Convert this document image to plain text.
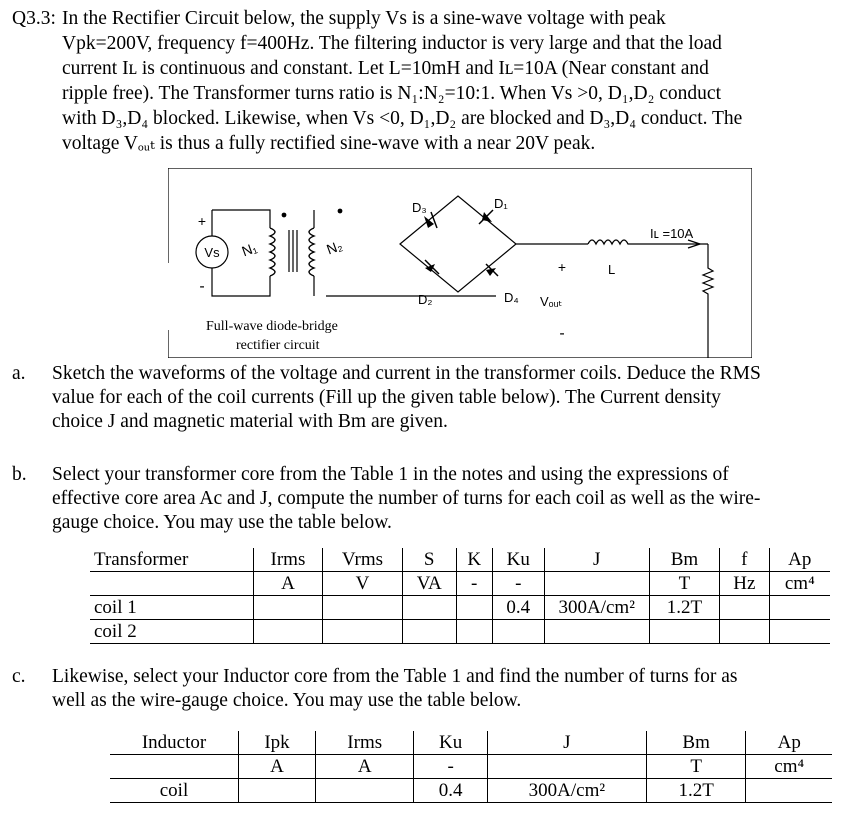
Q3.3: In the Rectifier Circuit below, the supply Vs is a sine-wave voltage with peak
Vpk=200V, frequency f=400Hz. The filtering inductor is very large and that the load
current Iʟ is continuous and constant. Let L=10mH and Iʟ=10A (Near constant and
ripple free). The Transformer turns ratio is N₁:N₂=10:1. When Vs >0, D₁,D₂ conduct
with D₃,D₄ blocked. Likewise, when Vs <0, D₁,D₂ are blocked and D₃,D₄ conduct. The
voltage Vₒᵤₜ is thus a fully rectified sine-wave with a near 20V peak.
Vs
+
-
N₁	N₂
D₃	D₁
D₂	D₄
Iʟ =10A
L
+
Vₒᵤₜ
-
Full-wave diode-bridge
rectifier circuit
a. Sketch the waveforms of the voltage and current in the transformer coils. Deduce the RMS
value for each of the coil currents (Fill up the given table below). The Current density
choice J and magnetic material with Bm are given.
b. Select your transformer core from the Table 1 in the notes and using the expressions of
effective core area Ac and J, compute the number of turns for each coil as well as the wire-
gauge choice. You may use the table below.
Transformer	Irms	Vrms	S	K	Ku	J	Bm	f	Ap
	A	V	VA	-	-		T	Hz	cm⁴
coil 1					0.4	300A/cm²	1.2T		
coil 2									
c. Likewise, select your Inductor core from the Table 1 and find the number of turns for as
well as the wire-gauge choice. You may use the table below.
Inductor	Ipk	Irms	Ku	J	Bm	Ap
	A	A	-		T	cm⁴
coil			0.4	300A/cm²	1.2T	
